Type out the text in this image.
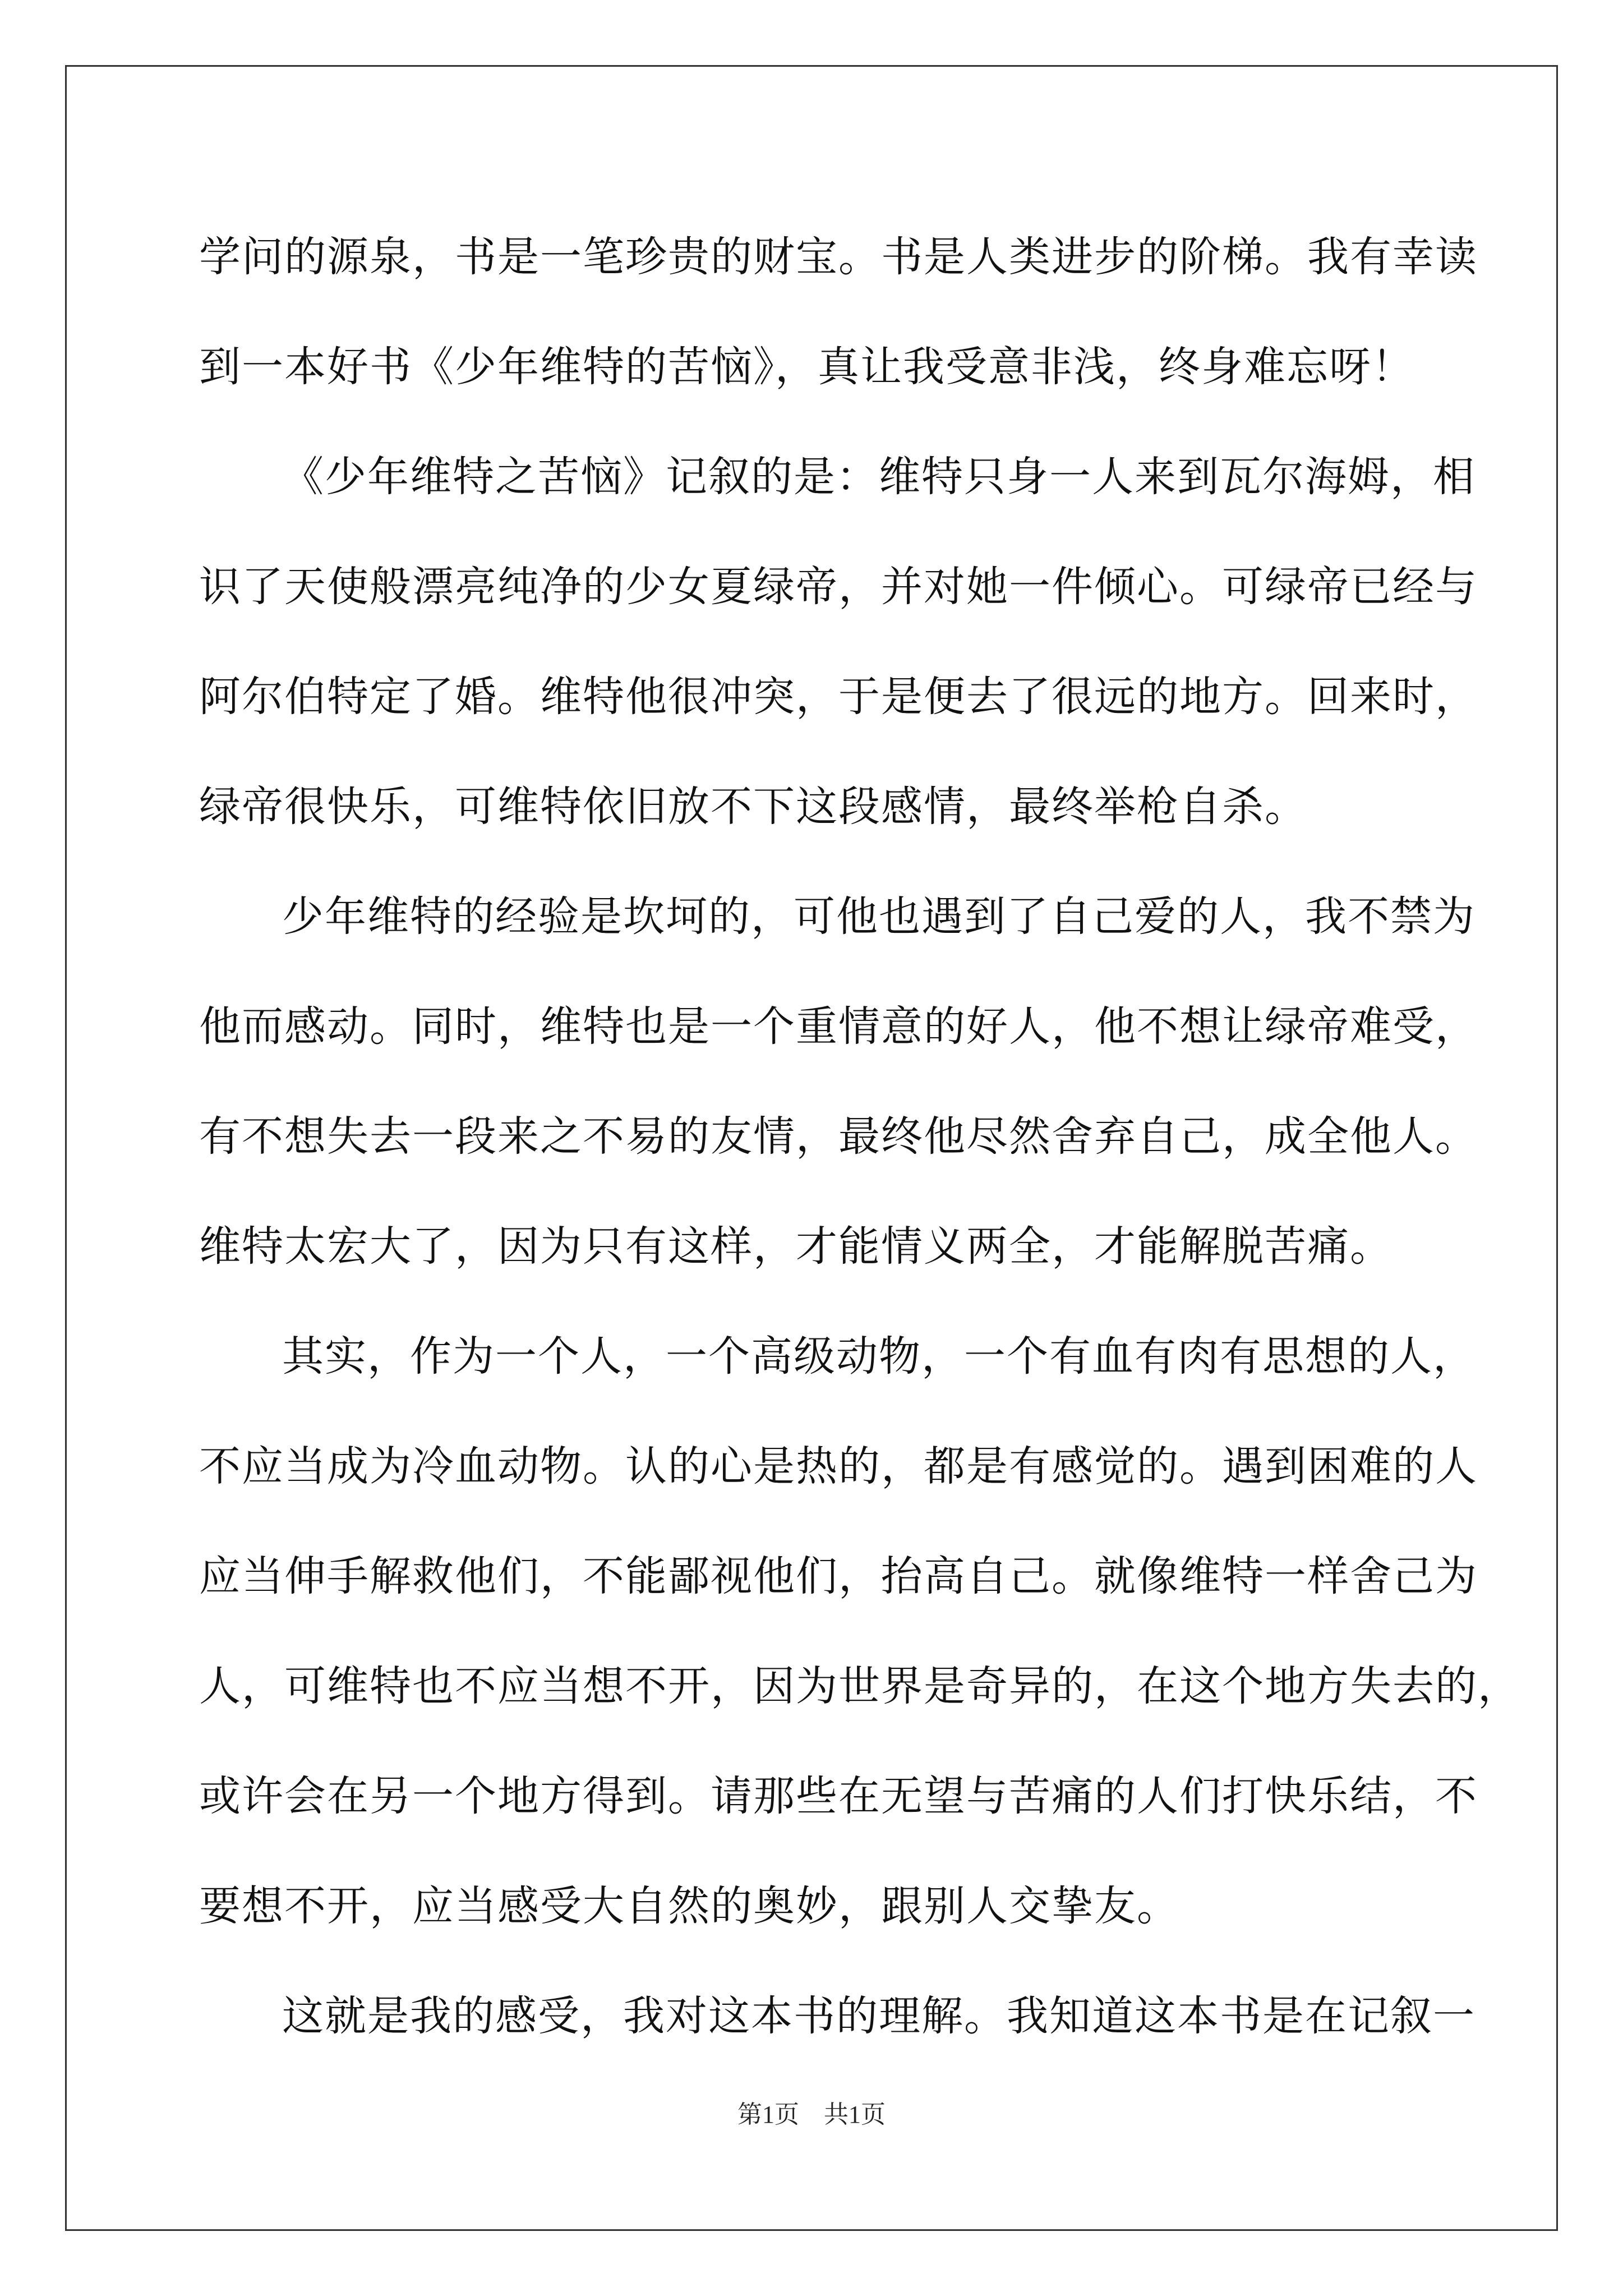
学问的源泉，书是一笔珍贵的财宝。书是人类进步的阶梯。我有幸读
到一本好书《少年维特的苦恼》，真让我受意非浅，终身难忘呀！
《少年维特之苦恼》记叙的是：维特只身一人来到瓦尔海姆，相
识了天使般漂亮纯净的少女夏绿帝，并对她一件倾心。可绿帝已经与
阿尔伯特定了婚。维特他很冲突，于是便去了很远的地方。回来时，
绿帝很快乐，可维特依旧放不下这段感情，最终举枪自杀。
少年维特的经验是坎坷的，可他也遇到了自己爱的人，我不禁为
他而感动。同时，维特也是一个重情意的好人，他不想让绿帝难受，
有不想失去一段来之不易的友情，最终他尽然舍弃自己，成全他人。
维特太宏大了，因为只有这样，才能情义两全，才能解脱苦痛。
其实，作为一个人，一个高级动物，一个有血有肉有思想的人，
不应当成为冷血动物。认的心是热的，都是有感觉的。遇到困难的人
应当伸手解救他们，不能鄙视他们，抬高自己。就像维特一样舍己为
人，可维特也不应当想不开，因为世界是奇异的，在这个地方失去的，
或许会在另一个地方得到。请那些在无望与苦痛的人们打快乐结，不
要想不开，应当感受大自然的奥妙，跟别人交挚友。
这就是我的感受，我对这本书的理解。我知道这本书是在记叙一
第1页　共1页
